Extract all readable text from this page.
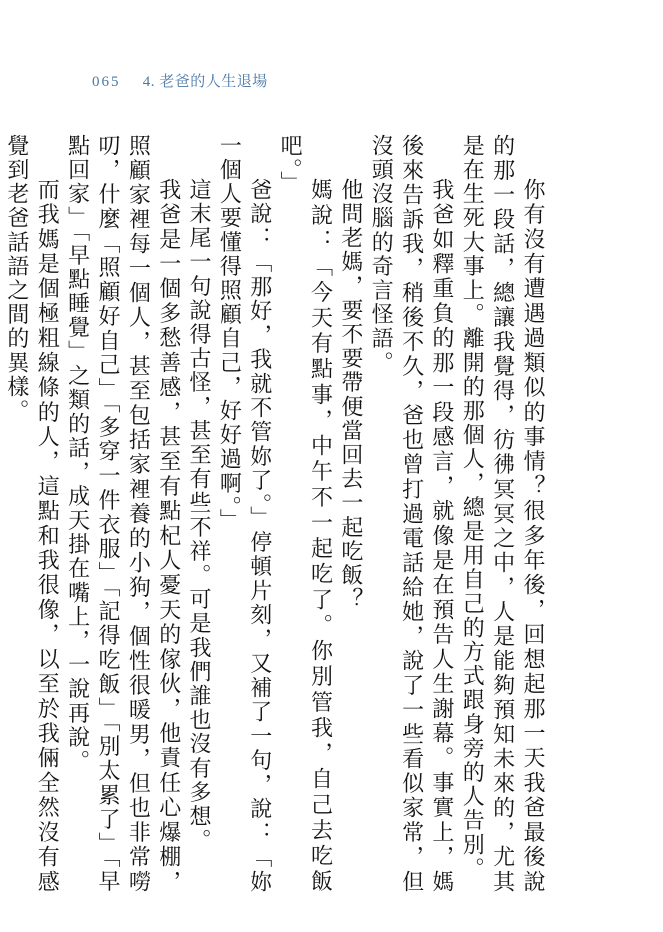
065 4. 老爸的人生退場

你有沒有遭遇過類似的事情？很多年後，回想起那一天我爸最後說的那一段話，總讓我覺得，彷彿冥冥之中，人是能夠預知未來的，尤其是在生死大事上。離開的那個人，總是用自己的方式跟身旁的人告別。

我爸如釋重負的那一段感言，就像是在預告人生謝幕。事實上，媽後來告訴我，稍後不久，爸也曾打過電話給她，說了一些看似家常，但沒頭沒腦的奇言怪語。

他問老媽，要不要帶便當回去一起吃飯？

媽說：「今天有點事，中午不一起吃了。你別管我，自己去吃飯吧。」

爸說：「那好，我就不管妳了。」停頓片刻，又補了一句，說：「妳一個人要懂得照顧自己，好好過啊。」

這末尾一句說得古怪，甚至有些不祥。可是我們誰也沒有多想。

我爸是一個多愁善感，甚至有點杞人憂天的傢伙，他責任心爆棚，照顧家裡每一個人，甚至包括家裡養的小狗，個性很暖男，但也非常嘮叨，什麼「照顧好自己」「多穿一件衣服」「記得吃飯」「別太累了」「早點回家」「早點睡覺」之類的話，成天掛在嘴上，一說再說。

而我媽是個極粗線條的人，這點和我很像，以至於我倆全然沒有感覺到老爸話語之間的異樣。
